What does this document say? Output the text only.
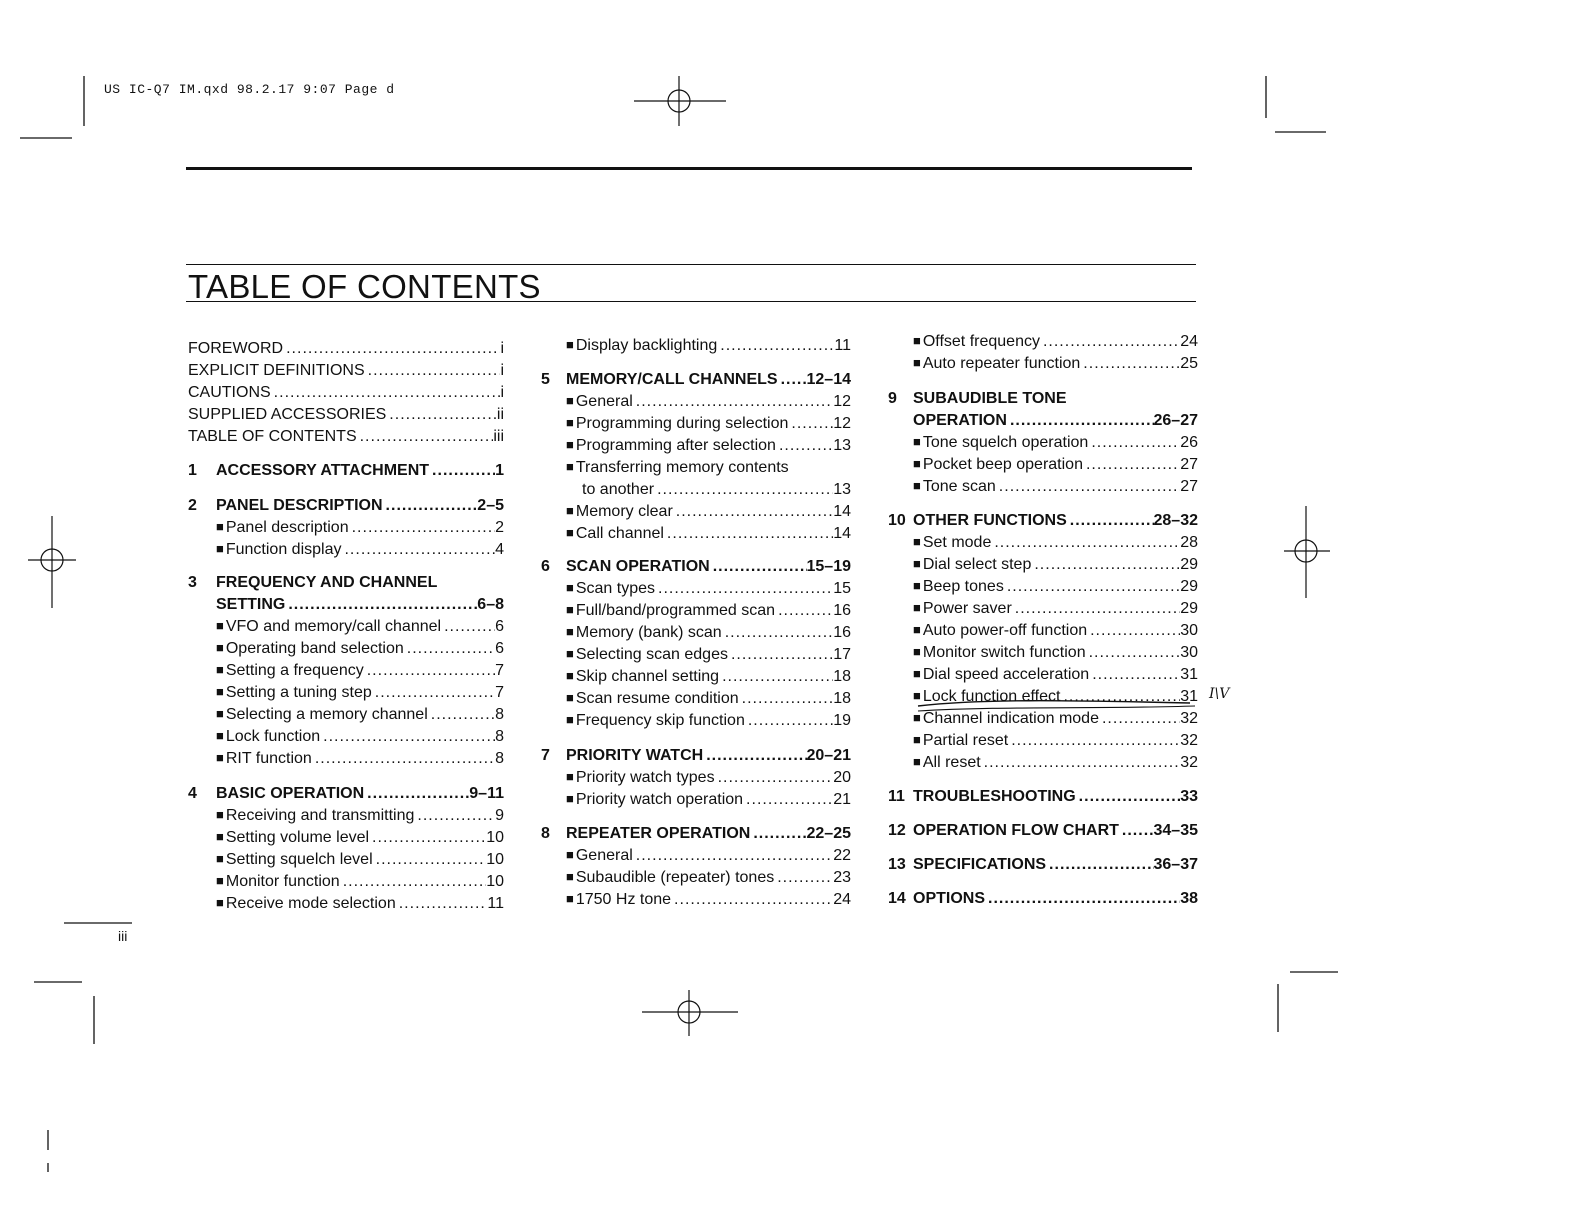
US IC-Q7 IM.qxd 98.2.17 9:07 Page d
TABLE OF CONTENTS
FOREWORD .....	i
EXPLICIT DEFINITIONS .....	i
CAUTIONS .....	i
SUPPLIED ACCESSORIES .....	ii
TABLE OF CONTENTS .....	iii
1 ACCESSORY ATTACHMENT .....	1
2 PANEL DESCRIPTION .....	2–5
■ Panel description .....	2
■ Function display .....	4
3 FREQUENCY AND CHANNEL
SETTING .....	6–8
■ VFO and memory/call channel .....	6
■ Operating band selection .....	6
■ Setting a frequency .....	7
■ Setting a tuning step .....	7
■ Selecting a memory channel .....	8
■ Lock function .....	8
■ RIT function .....	8
4 BASIC OPERATION .....	9–11
■ Receiving and transmitting .....	9
■ Setting volume level .....	10
■ Setting squelch level .....	10
■ Monitor function .....	10
■ Receive mode selection .....	11
■ Display backlighting .....	11
5 MEMORY/CALL CHANNELS ..... 12–14
■ General .....	12
■ Programming during selection .....	12
■ Programming after selection .....	13
■ Transferring memory contents
to another .....	13
■ Memory clear .....	14
■ Call channel .....	14
6 SCAN OPERATION .....	15–19
■ Scan types .....	15
■ Full/band/programmed scan .....	16
■ Memory (bank) scan .....	16
■ Selecting scan edges .....	17
■ Skip channel setting .....	18
■ Scan resume condition .....	18
■ Frequency skip function .....	19
7 PRIORITY WATCH .....	20–21
■ Priority watch types .....	20
■ Priority watch operation .....	21
8 REPEATER OPERATION .....	22–25
■ General .....	22
■ Subaudible (repeater) tones .....	23
■ 1750 Hz tone .....	24
■ Offset frequency .....	24
■ Auto repeater function .....	25
9 SUBAUDIBLE TONE
OPERATION .....	26–27
■ Tone squelch operation .....	26
■ Pocket beep operation .....	27
■ Tone scan .....	27
10 OTHER FUNCTIONS .....	28–32
■ Set mode .....	28
■ Dial select step .....	29
■ Beep tones .....	29
■ Power saver .....	29
■ Auto power-off function .....	30
■ Monitor switch function .....	30
■ Dial speed acceleration .....	31
■ Lock function effect .....	31
■ Channel indication mode .....	32
■ Partial reset .....	32
■ All reset .....	32
11 TROUBLESHOOTING .....	33
12 OPERATION FLOW CHART ..... 34–35
13 SPECIFICATIONS .....	36–37
14 OPTIONS .....	38
iii
I\V
